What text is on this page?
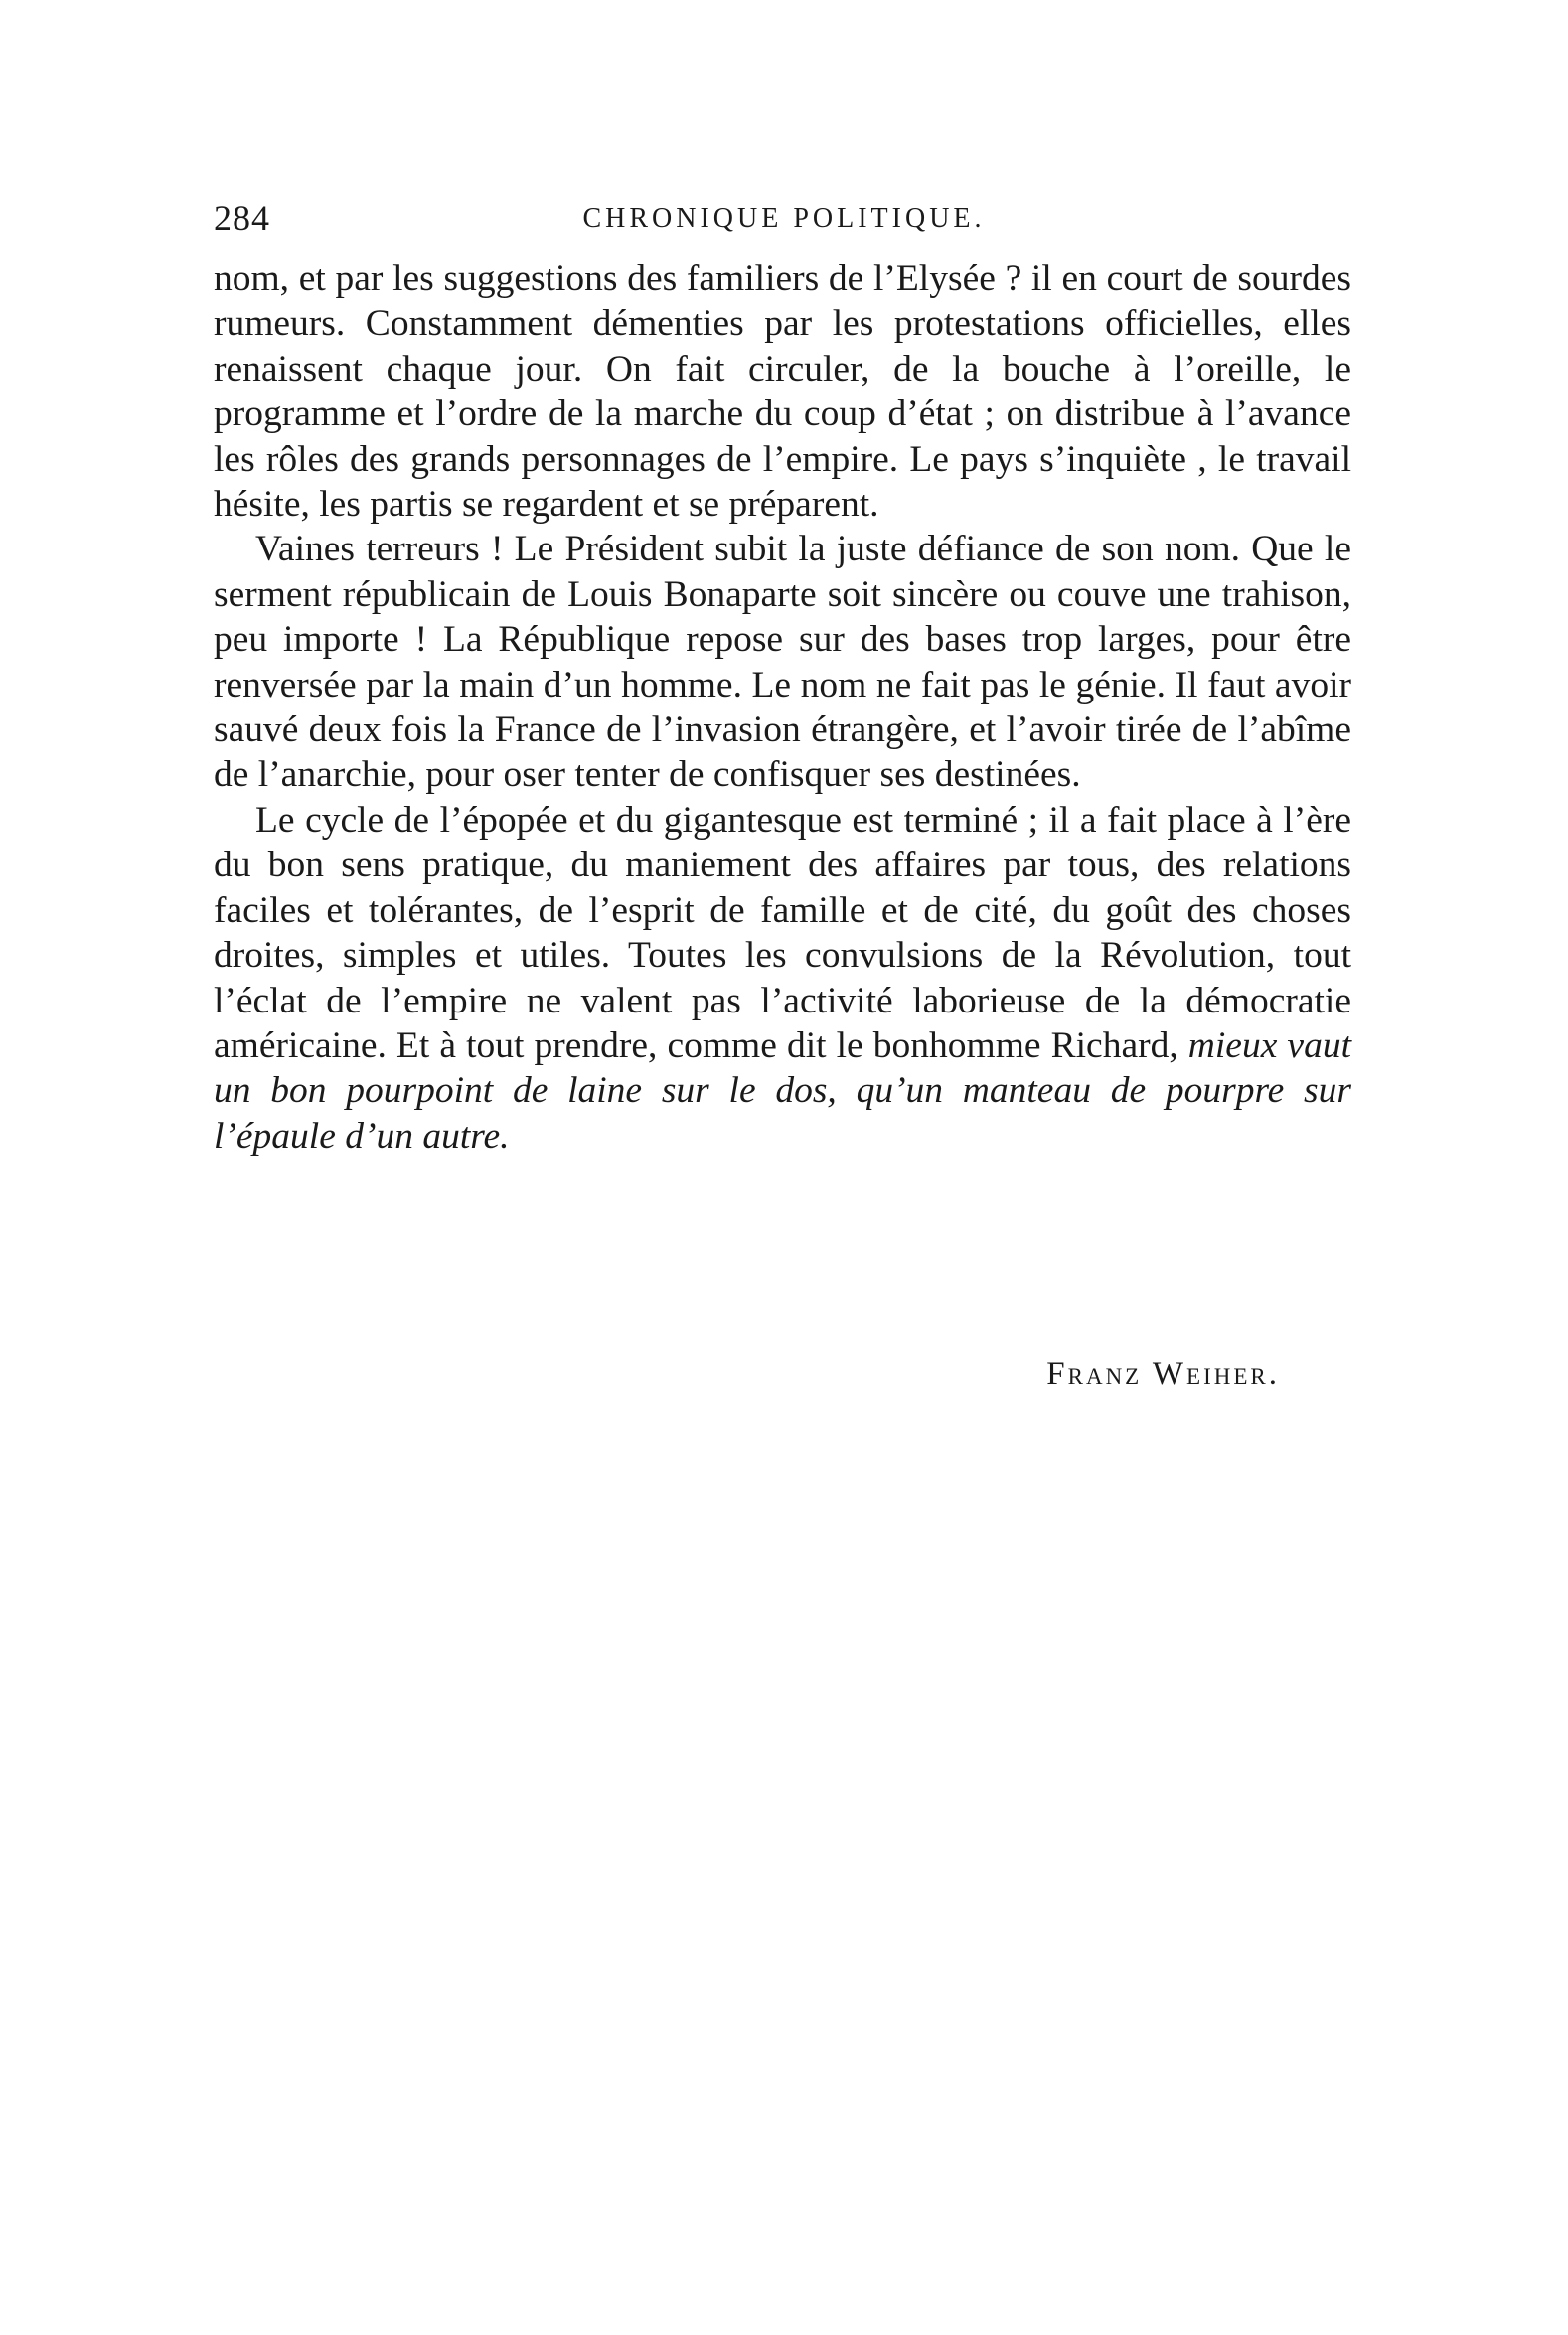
284	CHRONIQUE POLITIQUE.

nom, et par les suggestions des familiers de l’Elysée ? il en court de sourdes rumeurs. Constamment démenties par les protestations officielles, elles renaissent chaque jour. On fait circuler, de la bouche à l’oreille, le programme et l’ordre de la marche du coup d’état ; on distribue à l’avance les rôles des grands personnages de l’empire. Le pays s’inquiète , le travail hésite, les partis se regardent et se préparent.

Vaines terreurs ! Le Président subit la juste défiance de son nom. Que le serment républicain de Louis Bonaparte soit sincère ou couve une trahison, peu importe ! La République repose sur des bases trop larges, pour être renversée par la main d’un homme. Le nom ne fait pas le génie. Il faut avoir sauvé deux fois la France de l’invasion étrangère, et l’avoir tirée de l’abîme de l’anarchie, pour oser tenter de confisquer ses destinées.

Le cycle de l’épopée et du gigantesque est terminé ; il a fait place à l’ère du bon sens pratique, du maniement des affaires par tous, des relations faciles et tolérantes, de l’esprit de famille et de cité, du goût des choses droites, simples et utiles. Toutes les convulsions de la Révolution, tout l’éclat de l’empire ne valent pas l’activité laborieuse de la démocratie américaine. Et à tout prendre, comme dit le bonhomme Richard, mieux vaut un bon pourpoint de laine sur le dos, qu’un manteau de pourpre sur l’épaule d’un autre.

Franz Weiher.
